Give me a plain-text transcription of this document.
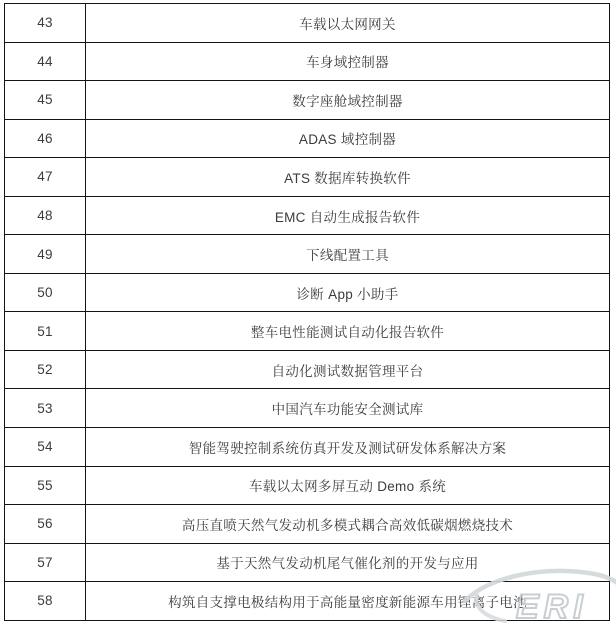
43	车载以太网网关
44	车身域控制器
45	数字座舱域控制器
46	ADAS 域控制器
47	ATS 数据库转换软件
48	EMC 自动生成报告软件
49	下线配置工具
50	诊断 App 小助手
51	整车电性能测试自动化报告软件
52	自动化测试数据管理平台
53	中国汽车功能安全测试库
54	智能驾驶控制系统仿真开发及测试研发体系解决方案
55	车载以太网多屏互动 Demo 系统
56	高压直喷天然气发动机多模式耦合高效低碳烟燃烧技术
57	基于天然气发动机尾气催化剂的开发与应用
58	构筑自支撑电极结构用于高能量密度新能源车用锂离子电池
ERI
